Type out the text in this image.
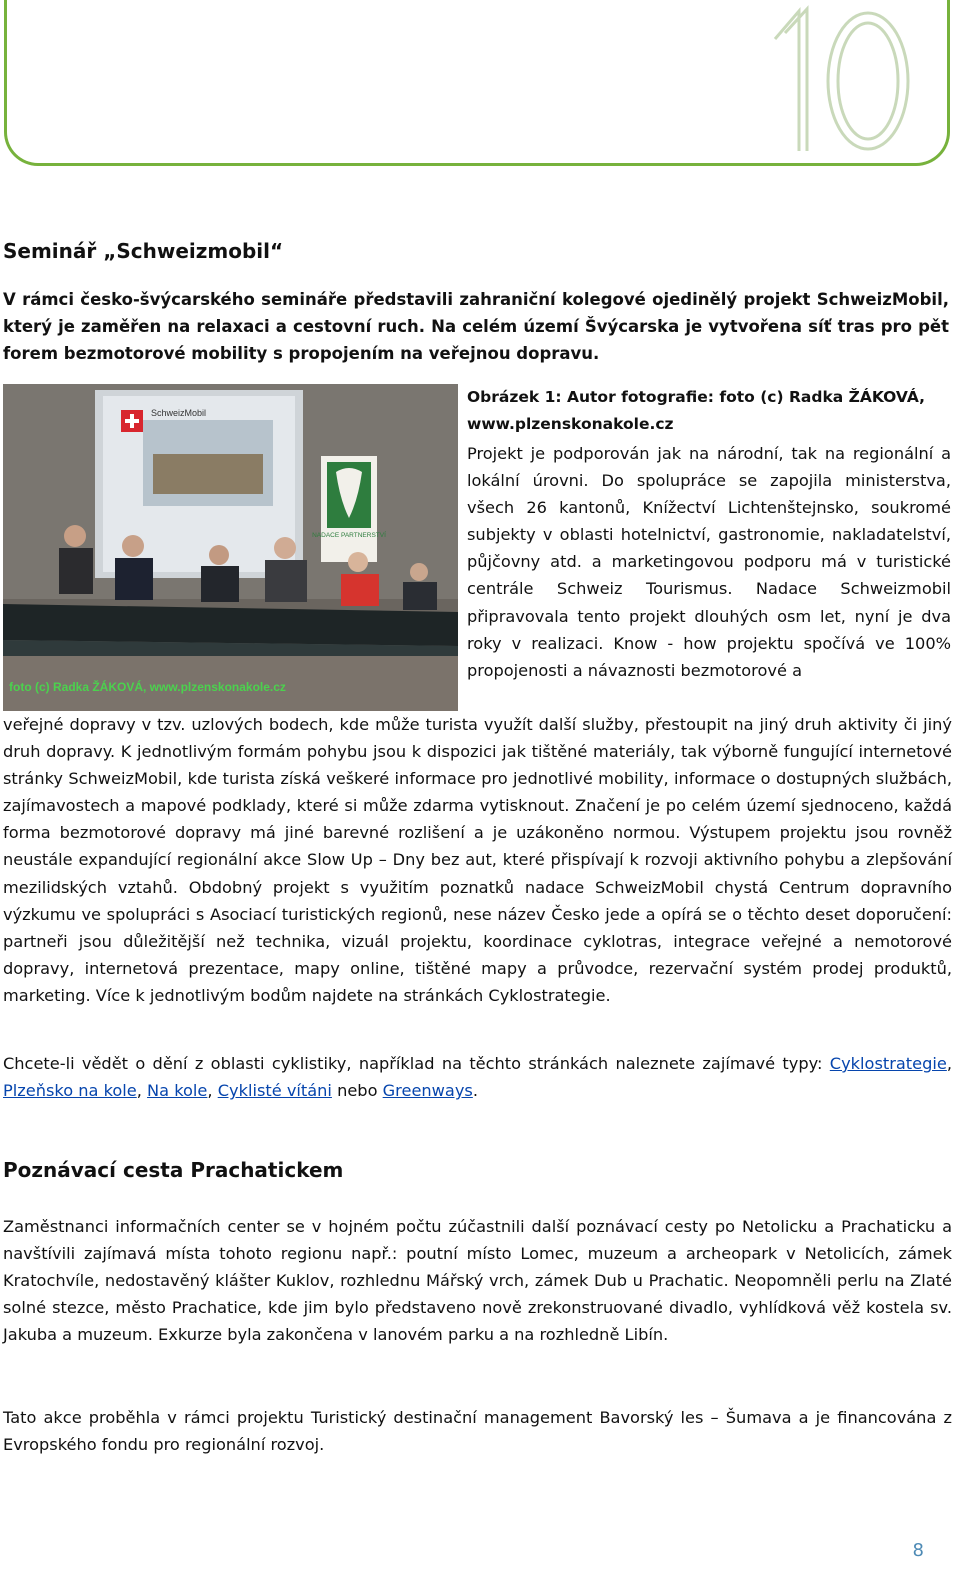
10
Seminář „Schweizmobil“
V rámci česko-švýcarského semináře představili zahraniční kolegové ojedinělý projekt SchweizMobil, který je zaměřen na relaxaci a cestovní ruch. Na celém území Švýcarska je vytvořena síť tras pro pět forem bezmotorové mobility s propojením na veřejnou dopravu.
SchweizMobil
NADACE PARTNERSTVÍ
foto (c) Radka ŽÁKOVÁ, www.plzenskonakole.cz
Obrázek 1: Autor fotografie: foto (c) Radka ŽÁKOVÁ, www.plzenskonakole.cz
Projekt je podporován jak na národní, tak na regionální a lokální úrovni. Do spolupráce se zapojila ministerstva, všech 26 kantonů, Knížectví Lichtenštejnsko, soukromé subjekty v oblasti hotelnictví, gastronomie, nakladatelství, půjčovny atd. a marketingovou podporu má v turistické centrále Schweiz Tourismus. Nadace Schweizmobil připravovala tento projekt dlouhých osm let, nyní je dva roky v realizaci. Know - how projektu spočívá ve 100% propojenosti a návaznosti bezmotorové a
veřejné dopravy v tzv. uzlových bodech, kde může turista využít další služby, přestoupit na jiný druh aktivity či jiný druh dopravy. K jednotlivým formám pohybu jsou k dispozici jak tištěné materiály, tak výborně fungující internetové stránky SchweizMobil, kde turista získá veškeré informace pro jednotlivé mobility, informace o dostupných službách, zajímavostech a mapové podklady, které si může zdarma vytisknout. Značení je po celém území sjednoceno, každá forma bezmotorové dopravy má jiné barevné rozlišení a je uzákoněno normou. Výstupem projektu jsou rovněž neustále expandující regionální akce Slow Up – Dny bez aut, které přispívají k rozvoji aktivního pohybu a zlepšování mezilidských vztahů. Obdobný projekt s využitím poznatků nadace SchweizMobil chystá Centrum dopravního výzkumu ve spolupráci s Asociací turistických regionů, nese název Česko jede a opírá se o těchto deset doporučení: partneři jsou důležitější než technika, vizuál projektu, koordinace cyklotras, integrace veřejné a nemotorové dopravy, internetová prezentace, mapy online, tištěné mapy a průvodce, rezervační systém prodej produktů, marketing. Více k jednotlivým bodům najdete na stránkách Cyklostrategie.
Chcete-li vědět o dění z oblasti cyklistiky, například na těchto stránkách naleznete zajímavé typy: Cyklostrategie, Plzeňsko na kole, Na kole, Cyklisté vítáni nebo Greenways.
Poznávací cesta Prachatickem
Zaměstnanci informačních center se v hojném počtu zúčastnili další poznávací cesty po Netolicku a Prachaticku a navštívili zajímavá místa tohoto regionu např.: poutní místo Lomec, muzeum a archeopark v Netolicích, zámek Kratochvíle, nedostavěný klášter Kuklov, rozhlednu Mářský vrch, zámek Dub u Prachatic. Neopomněli perlu na Zlaté solné stezce, město Prachatice, kde jim bylo představeno nově zrekonstruované divadlo, vyhlídková věž kostela sv. Jakuba a muzeum. Exkurze byla zakončena v lanovém parku a na rozhledně Libín.
Tato akce proběhla v rámci projektu Turistický destinační management Bavorský les – Šumava a je financována z Evropského fondu pro regionální rozvoj.
8
